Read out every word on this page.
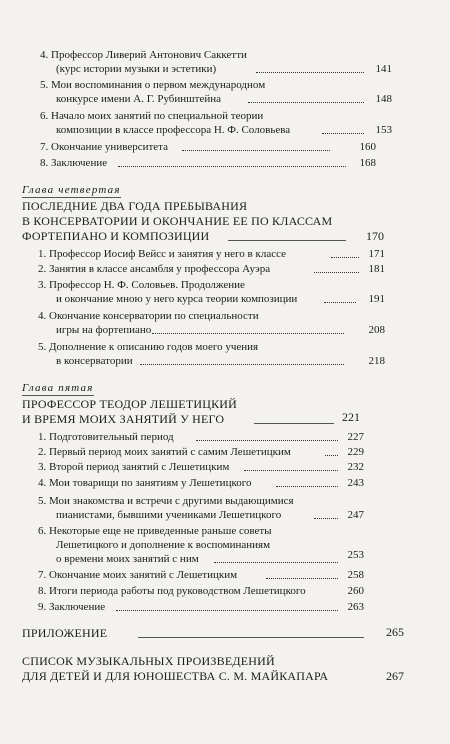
4. Профессор Ливерий Антонович Саккетти
(курс истории музыки и эстетики)	141
5. Мои воспоминания о первом международном
конкурсе имени А. Г. Рубинштейна	148
6. Начало моих занятий по специальной теории
композиции в классе профессора Н. Ф. Соловьева	153
7. Окончание университета	160
8. Заключение	168
Глава четвертая
ПОСЛЕДНИЕ ДВА ГОДА ПРЕБЫВАНИЯ
В КОНСЕРВАТОРИИ И ОКОНЧАНИЕ ЕЕ ПО КЛАССАМ
ФОРТЕПИАНО И КОМПОЗИЦИИ	170
1. Профессор Иосиф Вейсс и занятия у него в классе	171
2. Занятия в классе ансамбля у профессора Ауэра	181
3. Профессор Н. Ф. Соловьев. Продолжение
и окончание мною у него курса теории композиции	191
4. Окончание консерватории по специальности
игры на фортепиано	208
5. Дополнение к описанию годов моего учения
в консерватории	218
Глава пятая
ПРОФЕССОР ТЕОДОР ЛЕШЕТИЦКИЙ
И ВРЕМЯ МОИХ ЗАНЯТИЙ У НЕГО	221
1. Подготовительный период	227
2. Первый период моих занятий с самим Лешетицким	229
3. Второй период занятий с Лешетицким	232
4. Мои товарищи по занятиям у Лешетицкого	243
5. Мои знакомства и встречи с другими выдающимися
пианистами, бывшими учениками Лешетицкого	247
6. Некоторые еще не приведенные раньше советы
Лешетицкого и дополнение к воспоминаниям
о времени моих занятий с ним	253
7. Окончание моих занятий с Лешетицким	258
8. Итоги периода работы под руководством Лешетицкого	260
9. Заключение	263
ПРИЛОЖЕНИЕ	265
СПИСОК МУЗЫКАЛЬНЫХ ПРОИЗВЕДЕНИЙ
ДЛЯ ДЕТЕЙ И ДЛЯ ЮНОШЕСТВА С. М. МАЙКАПАРА	267
